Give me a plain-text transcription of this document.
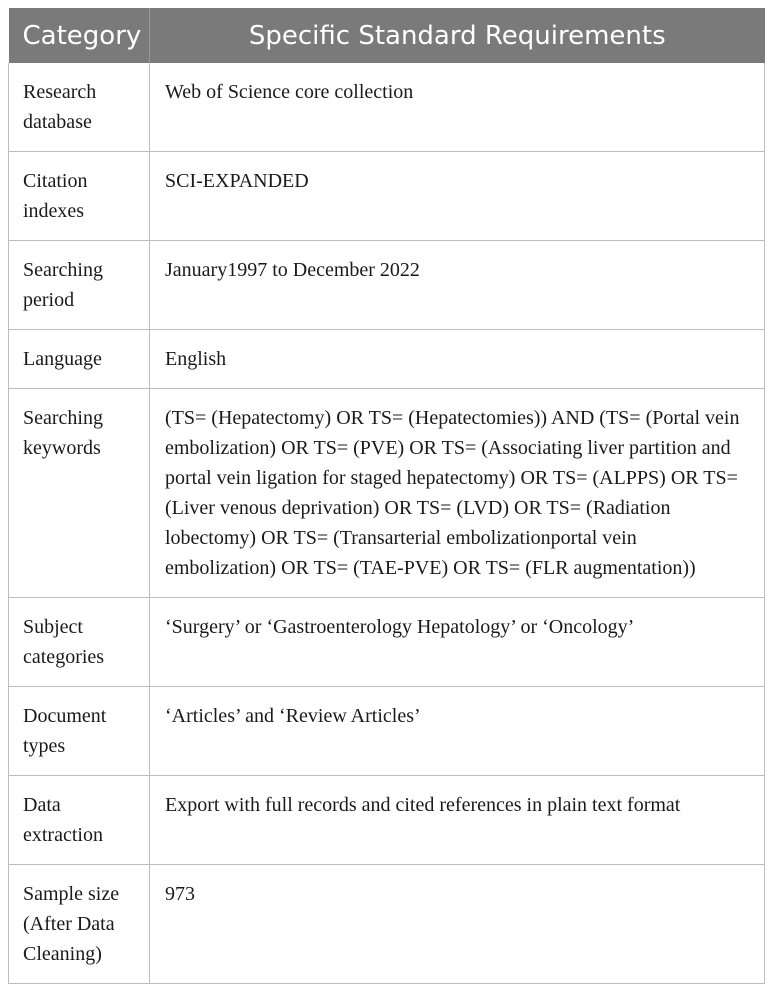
Category	Specific Standard Requirements
Research database	Web of Science core collection
Citation indexes	SCI-EXPANDED
Searching period	January1997 to December 2022
Language	English
Searching keywords	(TS= (Hepatectomy) OR TS= (Hepatectomies)) AND (TS= (Portal vein embolization) OR TS= (PVE) OR TS= (Associating liver partition and portal vein ligation for staged hepatectomy) OR TS= (ALPPS) OR TS= (Liver venous deprivation) OR TS= (LVD) OR TS= (Radiation lobectomy) OR TS= (Transarterial embolizationportal vein embolization) OR TS= (TAE-PVE) OR TS= (FLR augmentation))
Subject categories	‘Surgery’ or ‘Gastroenterology Hepatology’ or ‘Oncology’
Document types	‘Articles’ and ‘Review Articles’
Data extraction	Export with full records and cited references in plain text format
Sample size (After Data Cleaning)	973
